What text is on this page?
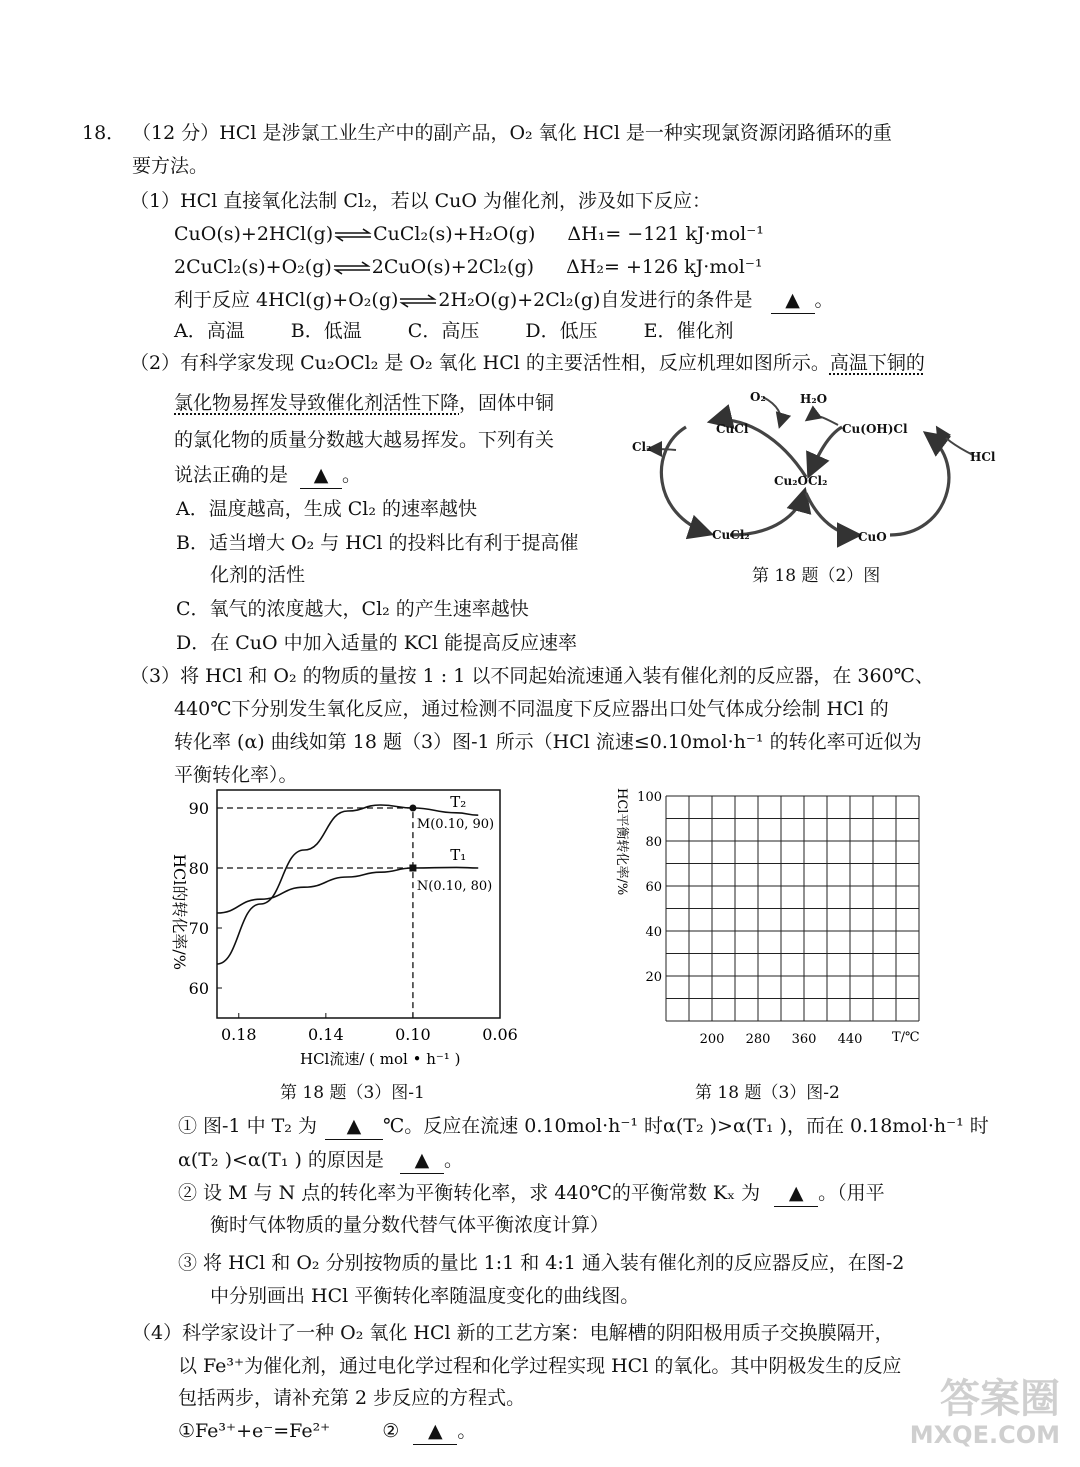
18． （12 分）HCl 是涉氯工业生产中的副产品，O₂ 氧化 HCl 是一种实现氯资源闭路循环的重
要方法。
（1）HCl 直接氧化法制 Cl₂，若以 CuO 为催化剂，涉及如下反应：
CuO(s)+2HCl(g)⇌CuCl₂(s)+H₂O(g) ΔH₁= −121 kJ·mol⁻¹
2CuCl₂(s)+O₂(g)⇌2CuO(s)+2Cl₂(g) ΔH₂= +126 kJ·mol⁻¹
利于反应 4HCl(g)+O₂(g)⇌2H₂O(g)+2Cl₂(g)自发进行的条件是 ▲ 。
A．高温 B．低温 C．高压 D．低压 E．催化剂
（2）有科学家发现 Cu₂OCl₂ 是 O₂ 氧化 HCl 的主要活性相，反应机理如图所示。高温下铜的
氯化物易挥发导致催化剂活性下降，固体中铜
的氯化物的质量分数越大越易挥发。下列有关
说法正确的是 ▲ 。
A．温度越高，生成 Cl₂ 的速率越快
B．适当增大 O₂ 与 HCl 的投料比有利于提高催
化剂的活性
C．氧气的浓度越大，Cl₂ 的产生速率越快
D．在 CuO 中加入适量的 KCl 能提高反应速率
O₂	H₂O
CuCl	Cu(OH)Cl
Cl₂
HCl
Cu₂OCl₂
CuCl₂	CuO
第 18 题（2）图
（3）将 HCl 和 O₂ 的物质的量按 1 : 1 以不同起始流速通入装有催化剂的反应器，在 360℃、
440℃下分别发生氧化反应，通过检测不同温度下反应器出口处气体成分绘制 HCl 的
转化率 (α) 曲线如第 18 题（3）图-1 所示（HCl 流速≤0.10mol·h⁻¹ 的转化率可近似为
平衡转化率）。
60
70
80
90
0.18	0.14	0.10	0.06
T₂
T₁
M(0.10, 90)
N(0.10, 80)
HCl的转化率/%
HCl流速/ ( mol • h⁻¹ )
第 18 题（3）图-1
20
40
60
80
100
200 280 360 440
HCl平衡转化率/%
T/℃
第 18 题（3）图-2
① 图-1 中 T₂ 为 ▲ ℃。反应在流速 0.10mol·h⁻¹ 时α(T₂ )>α(T₁ )，而在 0.18mol·h⁻¹ 时
α(T₂ )<α(T₁ ) 的原因是 ▲ 。
② 设 M 与 N 点的转化率为平衡转化率，求 440℃的平衡常数 Kₓ 为 ▲ 。（用平
衡时气体物质的量分数代替气体平衡浓度计算）
③ 将 HCl 和 O₂ 分别按物质的量比 1:1 和 4:1 通入装有催化剂的反应器反应，在图-2
中分别画出 HCl 平衡转化率随温度变化的曲线图。
（4）科学家设计了一种 O₂ 氧化 HCl 新的工艺方案：电解槽的阴阳极用质子交换膜隔开，
以 Fe³⁺为催化剂，通过电化学过程和化学过程实现 HCl 的氧化。其中阴极发生的反应
包括两步，请补充第 2 步反应的方程式。
①Fe³⁺+e⁻=Fe²⁺	② ▲ 。
答案圈
MXQE.COM
